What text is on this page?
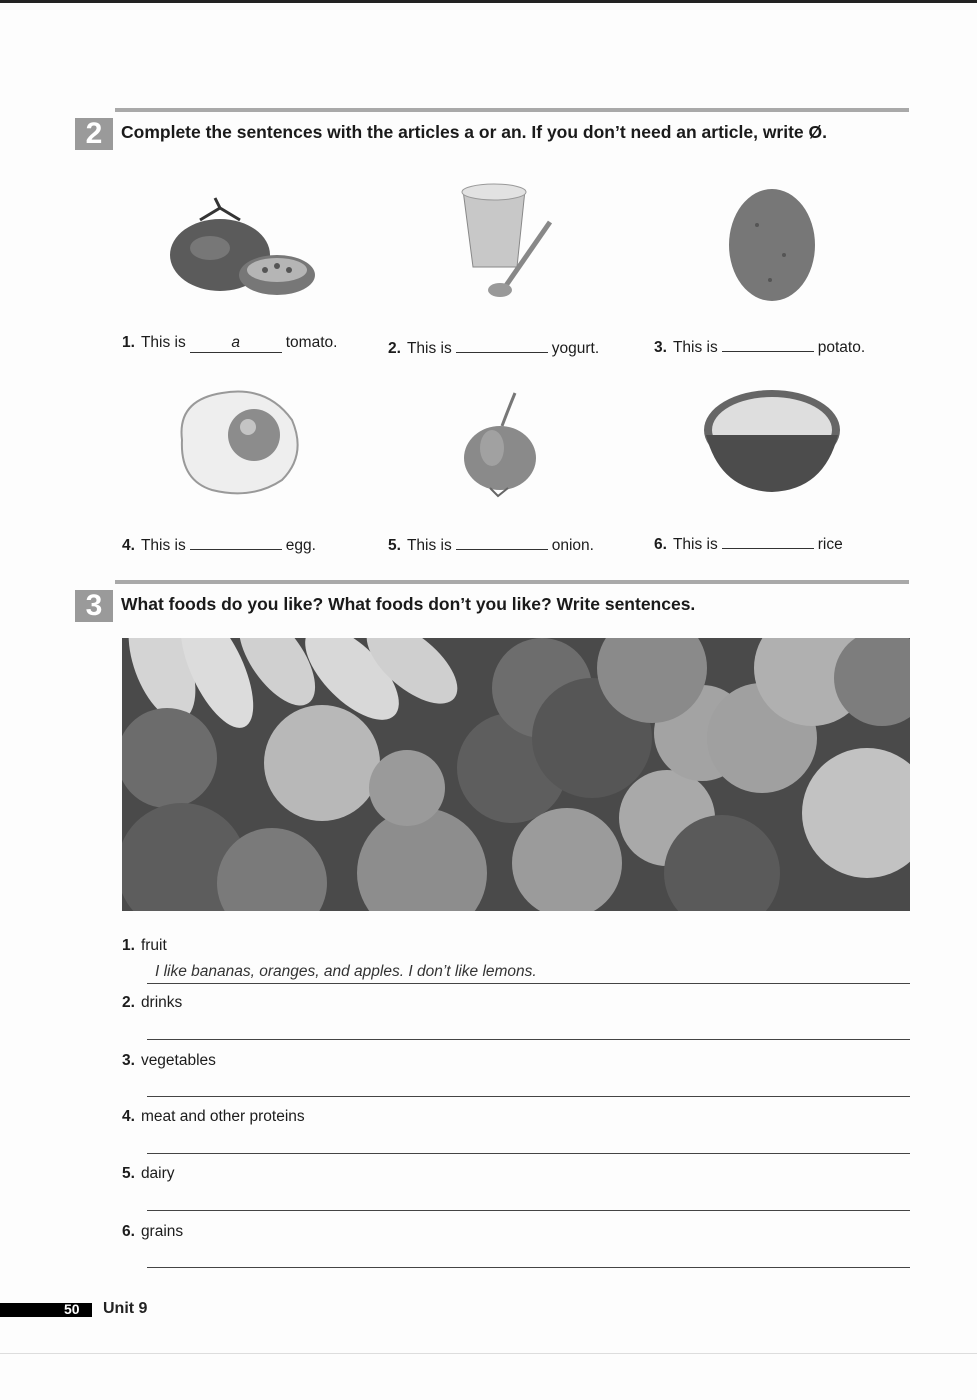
2	Complete the sentences with the articles a or an. If you don’t need an article, write Ø.
1. This is	a	tomato.	2. This is	yogurt.	3. This is	potato.
4. This is	egg.	5. This is	onion.	6. This is	rice
3	What foods do you like? What foods don’t you like? Write sentences.
1. fruit
I like bananas, oranges, and apples. I don’t like lemons.
2. drinks
3. vegetables
4. meat and other proteins
5. dairy
6. grains
50 Unit 9
